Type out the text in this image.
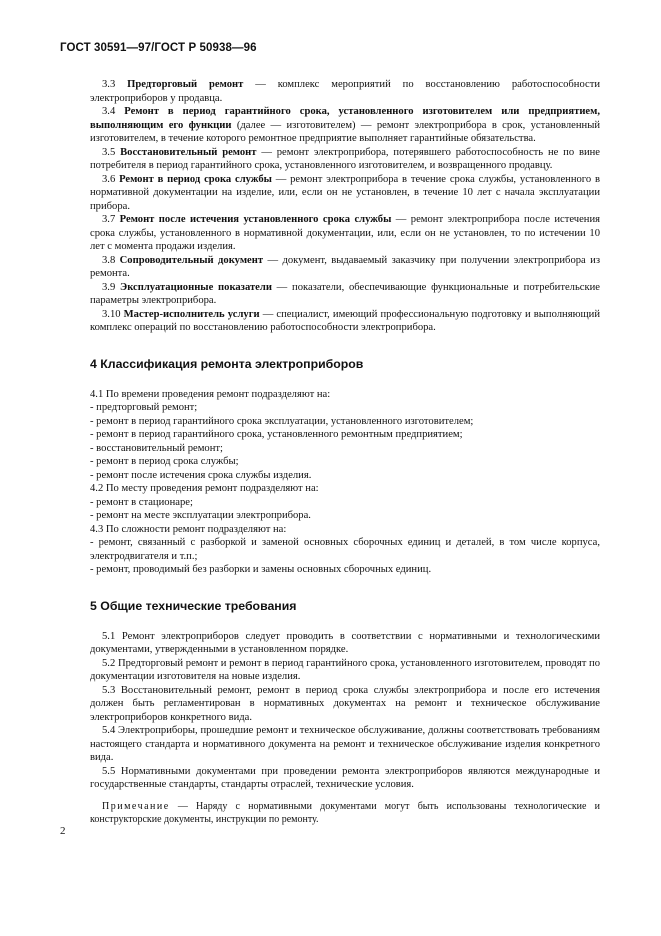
ГОСТ 30591—97/ГОСТ Р 50938—96

3.3 Предторговый ремонт — комплекс мероприятий по восстановлению работоспособности электроприборов у продавца.

3.4 Ремонт в период гарантийного срока, установленного изготовителем или предприятием, выполняющим его функции (далее — изготовителем) — ремонт электроприбора в срок, установленный изготовителем, в течение которого ремонтное предприятие выполняет гарантийные обязательства.

3.5 Восстановительный ремонт — ремонт электроприбора, потерявшего работоспособность не по вине потребителя в период гарантийного срока, установленного изготовителем, и возвращенного продавцу.

3.6 Ремонт в период срока службы — ремонт электроприбора в течение срока службы, установленного в нормативной документации на изделие, или, если он не установлен, в течение 10 лет с начала эксплуатации прибора.

3.7 Ремонт после истечения установленного срока службы — ремонт электроприбора после истечения срока службы, установленного в нормативной документации, или, если он не установлен, то по истечении 10 лет с момента продажи изделия.

3.8 Сопроводительный документ — документ, выдаваемый заказчику при получении электроприбора из ремонта.

3.9 Эксплуатационные показатели — показатели, обеспечивающие функциональные и потребительские параметры электроприбора.

3.10 Мастер-исполнитель услуги — специалист, имеющий профессиональную подготовку и выполняющий комплекс операций по восстановлению работоспособности электроприбора.

4 Классификация ремонта электроприборов

4.1 По времени проведения ремонт подразделяют на:

- предторговый ремонт;

- ремонт в период гарантийного срока эксплуатации, установленного изготовителем;

- ремонт в период гарантийного срока, установленного ремонтным предприятием;

- восстановительный ремонт;

- ремонт в период срока службы;

- ремонт после истечения срока службы изделия.

4.2 По месту проведения ремонт подразделяют на:

- ремонт в стационаре;

- ремонт на месте эксплуатации электроприбора.

4.3 По сложности ремонт подразделяют на:

- ремонт, связанный с разборкой и заменой основных сборочных единиц и деталей, в том числе корпуса, электродвигателя и т.п.;

- ремонт, проводимый без разборки и замены основных сборочных единиц.

5 Общие технические требования

5.1 Ремонт электроприборов следует проводить в соответствии с нормативными и технологическими документами, утвержденными в установленном порядке.

5.2 Предторговый ремонт и ремонт в период гарантийного срока, установленного изготовителем, проводят по документации изготовителя на новые изделия.

5.3 Восстановительный ремонт, ремонт в период срока службы электроприбора и после его истечения должен быть регламентирован в нормативных документах на ремонт и техническое обслуживание электроприборов конкретного вида.

5.4 Электроприборы, прошедшие ремонт и техническое обслуживание, должны соответствовать требованиям настоящего стандарта и нормативного документа на ремонт и техническое обслуживание изделия конкретного вида.

5.5 Нормативными документами при проведении ремонта электроприборов являются международные и государственные стандарты, стандарты отраслей, технические условия.

Примечание — Наряду с нормативными документами могут быть использованы технологические и конструкторские документы, инструкции по ремонту.

2
